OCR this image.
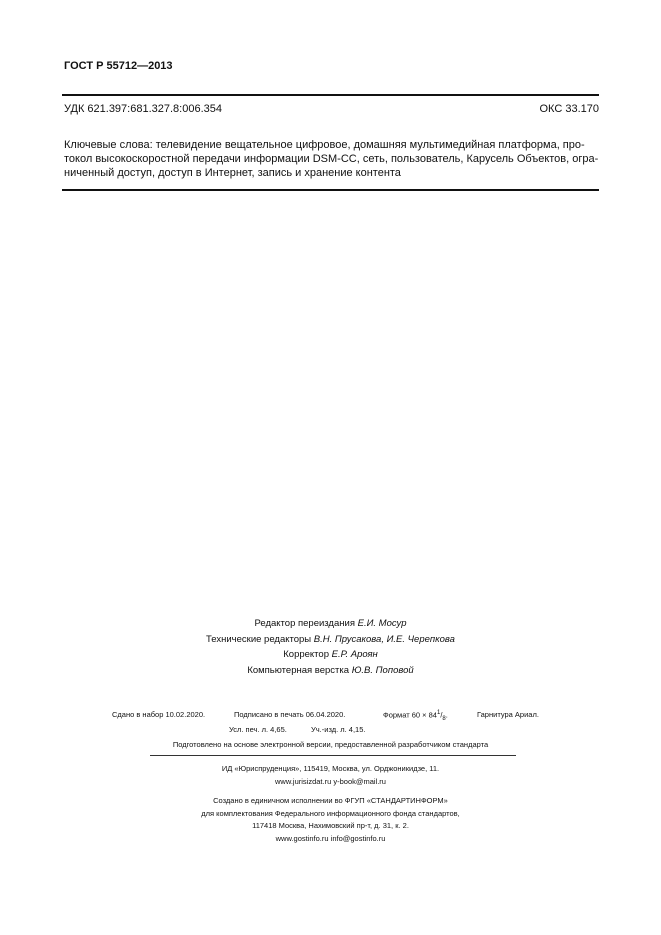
ГОСТ Р 55712—2013
УДК 621.397:681.327.8:006.354	ОКС 33.170
Ключевые слова: телевидение вещательное цифровое, домашняя мультимедийная платформа, про-
токол высокоскоростной передачи информации DSM-CC, сеть, пользователь, Карусель Объектов, огра-
ниченный доступ, доступ в Интернет, запись и хранение контента
Редактор переиздания Е.И. Мосур
Технические редакторы В.Н. Прусакова, И.Е. Черепкова
Корректор Е.Р. Ароян
Компьютерная верстка Ю.В. Поповой
Сдано в набор 10.02.2020.	Подписано в печать 06.04.2020.	Формат $60 \times 84^1/_8$.	Гарнитура Ариал.
Усл. печ. л. 4,65.	Уч.-изд. л. 4,15.
Подготовлено на основе электронной версии, предоставленной разработчиком стандарта
ИД «Юриспруденция», 115419, Москва, ул. Орджоникидзе, 11.
www.jurisizdat.ru y-book@mail.ru
Создано в единичном исполнении во ФГУП «СТАНДАРТИНФОРМ»
для комплектования Федерального информационного фонда стандартов,
117418 Москва, Нахимовский пр-т, д. 31, к. 2.
www.gostinfo.ru info@gostinfo.ru
